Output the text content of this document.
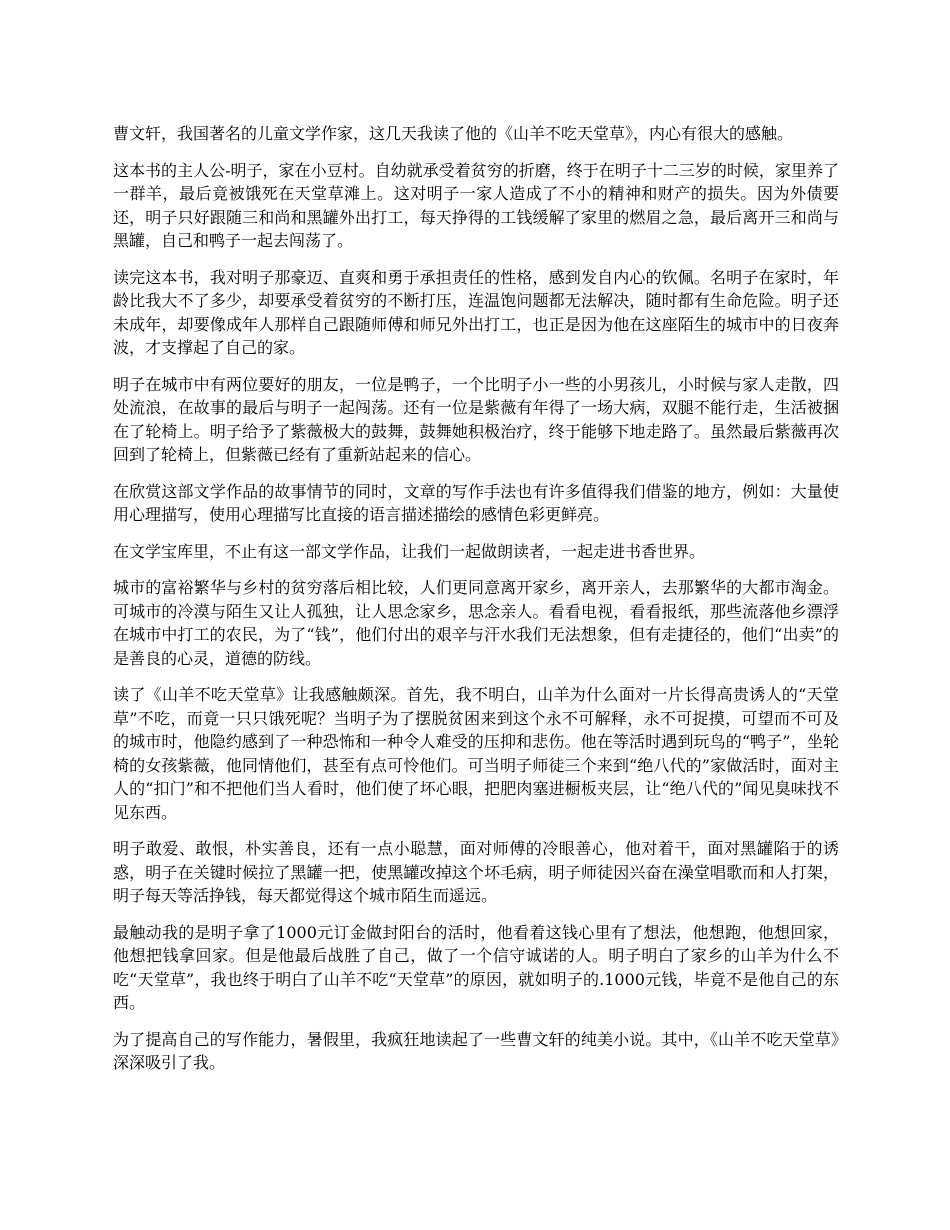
曹文轩，我国著名的儿童文学作家，这几天我读了他的《山羊不吃天堂草》，内心有很大的感触。

这本书的主人公-明子，家在小豆村。自幼就承受着贫穷的折磨，终于在明子十二三岁的时候，家里养了一群羊，最后竟被饿死在天堂草滩上。这对明子一家人造成了不小的精神和财产的损失。因为外债要还，明子只好跟随三和尚和黑罐外出打工，每天挣得的工钱缓解了家里的燃眉之急，最后离开三和尚与黑罐，自己和鸭子一起去闯荡了。

读完这本书，我对明子那豪迈、直爽和勇于承担责任的性格，感到发自内心的钦佩。名明子在家时，年龄比我大不了多少，却要承受着贫穷的不断打压，连温饱问题都无法解决，随时都有生命危险。明子还未成年，却要像成年人那样自己跟随师傅和师兄外出打工，也正是因为他在这座陌生的城市中的日夜奔波，才支撑起了自己的家。

明子在城市中有两位要好的朋友，一位是鸭子，一个比明子小一些的小男孩儿，小时候与家人走散，四处流浪，在故事的最后与明子一起闯荡。还有一位是紫薇有年得了一场大病，双腿不能行走，生活被捆在了轮椅上。明子给予了紫薇极大的鼓舞，鼓舞她积极治疗，终于能够下地走路了。虽然最后紫薇再次回到了轮椅上，但紫薇已经有了重新站起来的信心。

在欣赏这部文学作品的故事情节的同时，文章的写作手法也有许多值得我们借鉴的地方，例如：大量使用心理描写，使用心理描写比直接的语言描述描绘的感情色彩更鲜亮。

在文学宝库里，不止有这一部文学作品，让我们一起做朗读者，一起走进书香世界。

城市的富裕繁华与乡村的贫穷落后相比较，人们更同意离开家乡，离开亲人，去那繁华的大都市淘金。可城市的冷漠与陌生又让人孤独，让人思念家乡，思念亲人。看看电视，看看报纸，那些流落他乡漂浮在城市中打工的农民，为了“钱”，他们付出的艰辛与汗水我们无法想象，但有走捷径的，他们“出卖”的是善良的心灵，道德的防线。

读了《山羊不吃天堂草》让我感触颇深。首先，我不明白，山羊为什么面对一片长得高贵诱人的“天堂草”不吃，而竟一只只饿死呢？当明子为了摆脱贫困来到这个永不可解释，永不可捉摸，可望而不可及的城市时，他隐约感到了一种恐怖和一种令人难受的压抑和悲伤。他在等活时遇到玩鸟的“鸭子”，坐轮椅的女孩紫薇，他同情他们，甚至有点可怜他们。可当明子师徒三个来到“绝八代的”家做活时，面对主人的“扣门”和不把他们当人看时，他们使了坏心眼，把肥肉塞进橱板夹层，让“绝八代的”闻见臭味找不见东西。

明子敢爱、敢恨，朴实善良，还有一点小聪慧，面对师傅的冷眼善心，他对着干，面对黑罐陷于的诱惑，明子在关键时候拉了黑罐一把，使黑罐改掉这个坏毛病，明子师徒因兴奋在澡堂唱歌而和人打架，明子每天等活挣钱，每天都觉得这个城市陌生而遥远。

最触动我的是明子拿了1000元订金做封阳台的活时，他看着这钱心里有了想法，他想跑，他想回家，他想把钱拿回家。但是他最后战胜了自己，做了一个信守诚诺的人。明子明白了家乡的山羊为什么不吃“天堂草”，我也终于明白了山羊不吃“天堂草”的原因，就如明子的.1000元钱，毕竟不是他自己的东西。

为了提高自己的写作能力，暑假里，我疯狂地读起了一些曹文轩的纯美小说。其中，《山羊不吃天堂草》深深吸引了我。
